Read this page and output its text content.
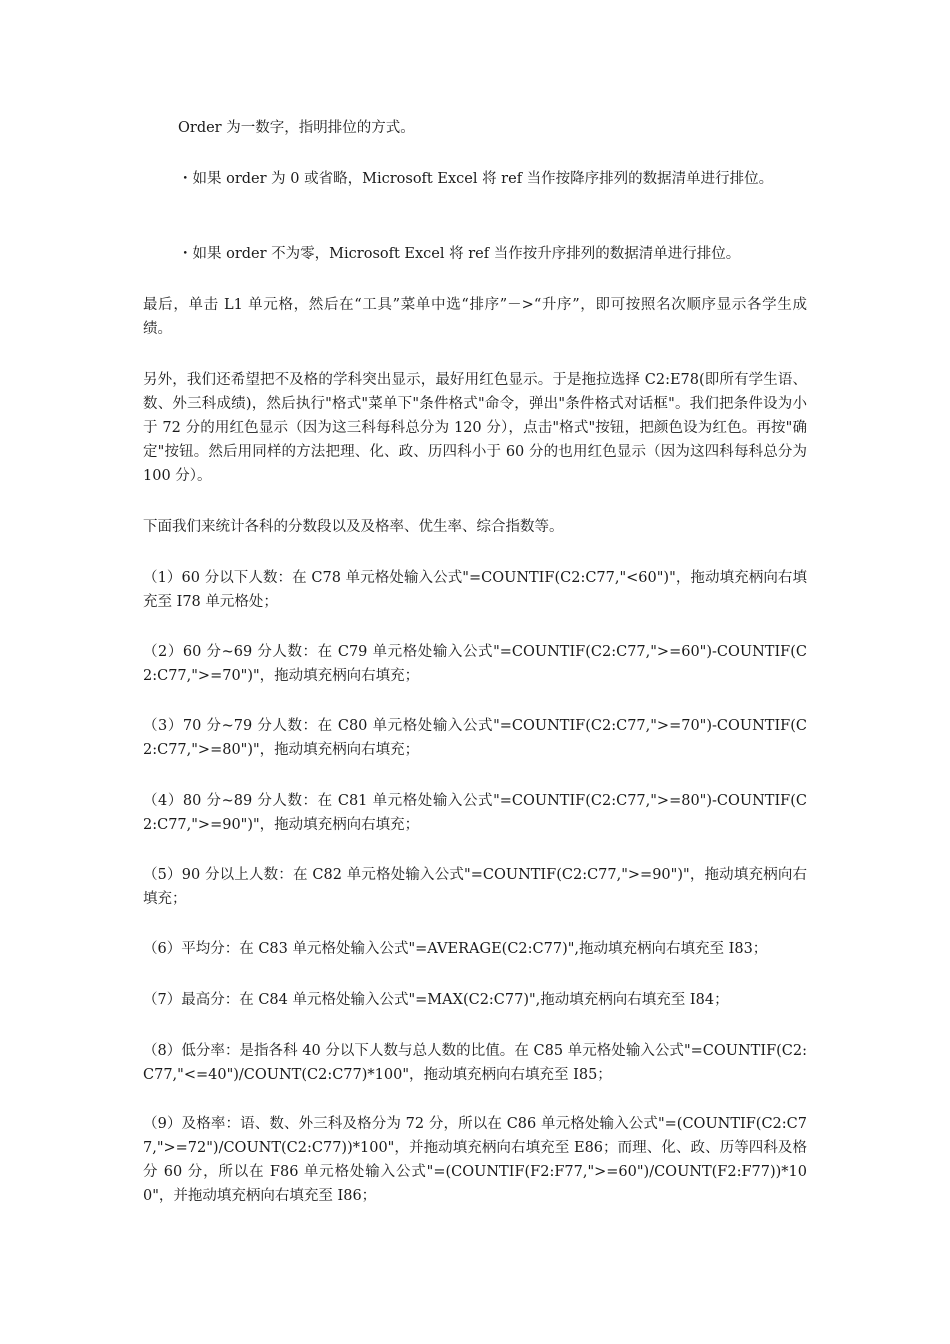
Order 为一数字，指明排位的方式。

・如果 order 为 0 或省略，Microsoft Excel 将 ref 当作按降序排列的数据清单进行排位。

・如果 order 不为零，Microsoft Excel 将 ref 当作按升序排列的数据清单进行排位。

最后，单击 L1 单元格，然后在“工具”菜单中选“排序”－>“升序”，即可按照名次顺序显示各学生成绩。

另外，我们还希望把不及格的学科突出显示，最好用红色显示。于是拖拉选择 C2:E78(即所有学生语、数、外三科成绩)，然后执行"格式"菜单下"条件格式"命令，弹出"条件格式对话框"。我们把条件设为小于 72 分的用红色显示（因为这三科每科总分为 120 分），点击"格式"按钮，把颜色设为红色。再按"确定"按钮。然后用同样的方法把理、化、政、历四科小于 60 分的也用红色显示（因为这四科每科总分为 100 分）。

下面我们来统计各科的分数段以及及格率、优生率、综合指数等。

（1）60 分以下人数：在 C78 单元格处输入公式"=COUNTIF(C2:C77,"<60")"，拖动填充柄向右填充至 I78 单元格处；

（2）60 分~69 分人数：在 C79 单元格处输入公式"=COUNTIF(C2:C77,">=60")-COUNTIF(C2:C77,">=70")"，拖动填充柄向右填充；

（3）70 分~79 分人数：在 C80 单元格处输入公式"=COUNTIF(C2:C77,">=70")-COUNTIF(C2:C77,">=80")"，拖动填充柄向右填充；

（4）80 分~89 分人数：在 C81 单元格处输入公式"=COUNTIF(C2:C77,">=80")-COUNTIF(C2:C77,">=90")"，拖动填充柄向右填充；

（5）90 分以上人数：在 C82 单元格处输入公式"=COUNTIF(C2:C77,">=90")"，拖动填充柄向右填充；

（6）平均分：在 C83 单元格处输入公式"=AVERAGE(C2:C77)",拖动填充柄向右填充至 I83；

（7）最高分：在 C84 单元格处输入公式"=MAX(C2:C77)",拖动填充柄向右填充至 I84；

（8）低分率：是指各科 40 分以下人数与总人数的比值。在 C85 单元格处输入公式"=COUNTIF(C2:C77,"<=40")/COUNT(C2:C77)*100"，拖动填充柄向右填充至 I85；

（9）及格率：语、数、外三科及格分为 72 分，所以在 C86 单元格处输入公式"=(COUNTIF(C2:C77,">=72")/COUNT(C2:C77))*100"，并拖动填充柄向右填充至 E86；而理、化、政、历等四科及格分 60 分，所以在 F86 单元格处输入公式"=(COUNTIF(F2:F77,">=60")/COUNT(F2:F77))*100"，并拖动填充柄向右填充至 I86；
